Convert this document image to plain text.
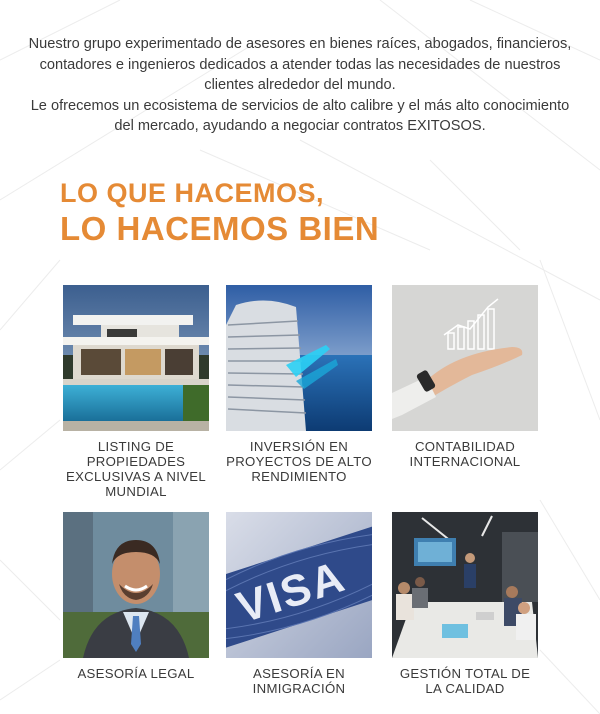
Nuestro grupo experimentado de asesores en bienes raíces, abogados, financieros, contadores e ingenieros dedicados a atender todas las necesidades de nuestros clientes alrededor del mundo.

Le ofrecemos un ecosistema de servicios de alto calibre y el más alto conocimiento del mercado, ayudando a negociar contratos EXITOSOS.

LO QUE HACEMOS,
LO HACEMOS BIEN
LISTING DE PROPIEDADES EXCLUSIVAS A NIVEL MUNDIAL
INVERSIÓN EN PROYECTOS DE ALTO RENDIMIENTO
CONTABILIDAD INTERNACIONAL
ASESORÍA LEGAL
VISA
ASESORÍA EN INMIGRACIÓN
GESTIÓN TOTAL DE LA CALIDAD
